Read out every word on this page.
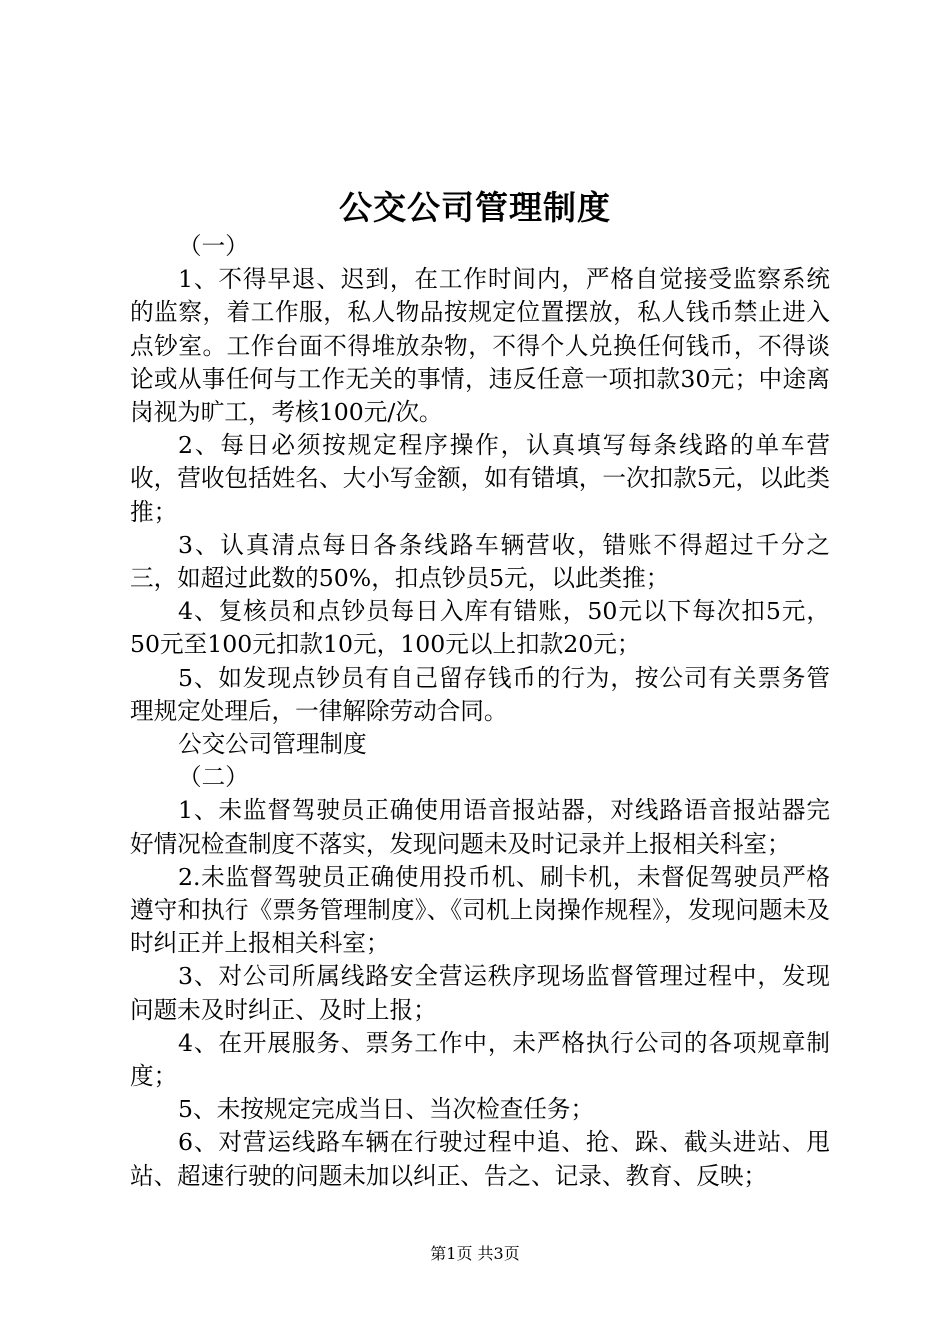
公交公司管理制度

（一）

1、不得早退、迟到，在工作时间内，严格自觉接受监察系统的监察，着工作服，私人物品按规定位置摆放，私人钱币禁止进入点钞室。工作台面不得堆放杂物，不得个人兑换任何钱币，不得谈论或从事任何与工作无关的事情，违反任意一项扣款30元；中途离岗视为旷工，考核100元/次。

2、每日必须按规定程序操作，认真填写每条线路的单车营收，营收包括姓名、大小写金额，如有错填，一次扣款5元，以此类推；

3、认真清点每日各条线路车辆营收，错账不得超过千分之三，如超过此数的50%，扣点钞员5元，以此类推；

4、复核员和点钞员每日入库有错账，50元以下每次扣5元，50元至100元扣款10元，100元以上扣款20元；

5、如发现点钞员有自己留存钱币的行为，按公司有关票务管理规定处理后，一律解除劳动合同。

公交公司管理制度

（二）

1、未监督驾驶员正确使用语音报站器，对线路语音报站器完好情况检查制度不落实，发现问题未及时记录并上报相关科室；

2.未监督驾驶员正确使用投币机、刷卡机，未督促驾驶员严格遵守和执行《票务管理制度》、《司机上岗操作规程》，发现问题未及时纠正并上报相关科室；

3、对公司所属线路安全营运秩序现场监督管理过程中，发现问题未及时纠正、及时上报；

4、在开展服务、票务工作中，未严格执行公司的各项规章制度；

5、未按规定完成当日、当次检查任务；

6、对营运线路车辆在行驶过程中追、抢、跺、截头进站、甩站、超速行驶的问题未加以纠正、告之、记录、教育、反映；

第1页 共3页
